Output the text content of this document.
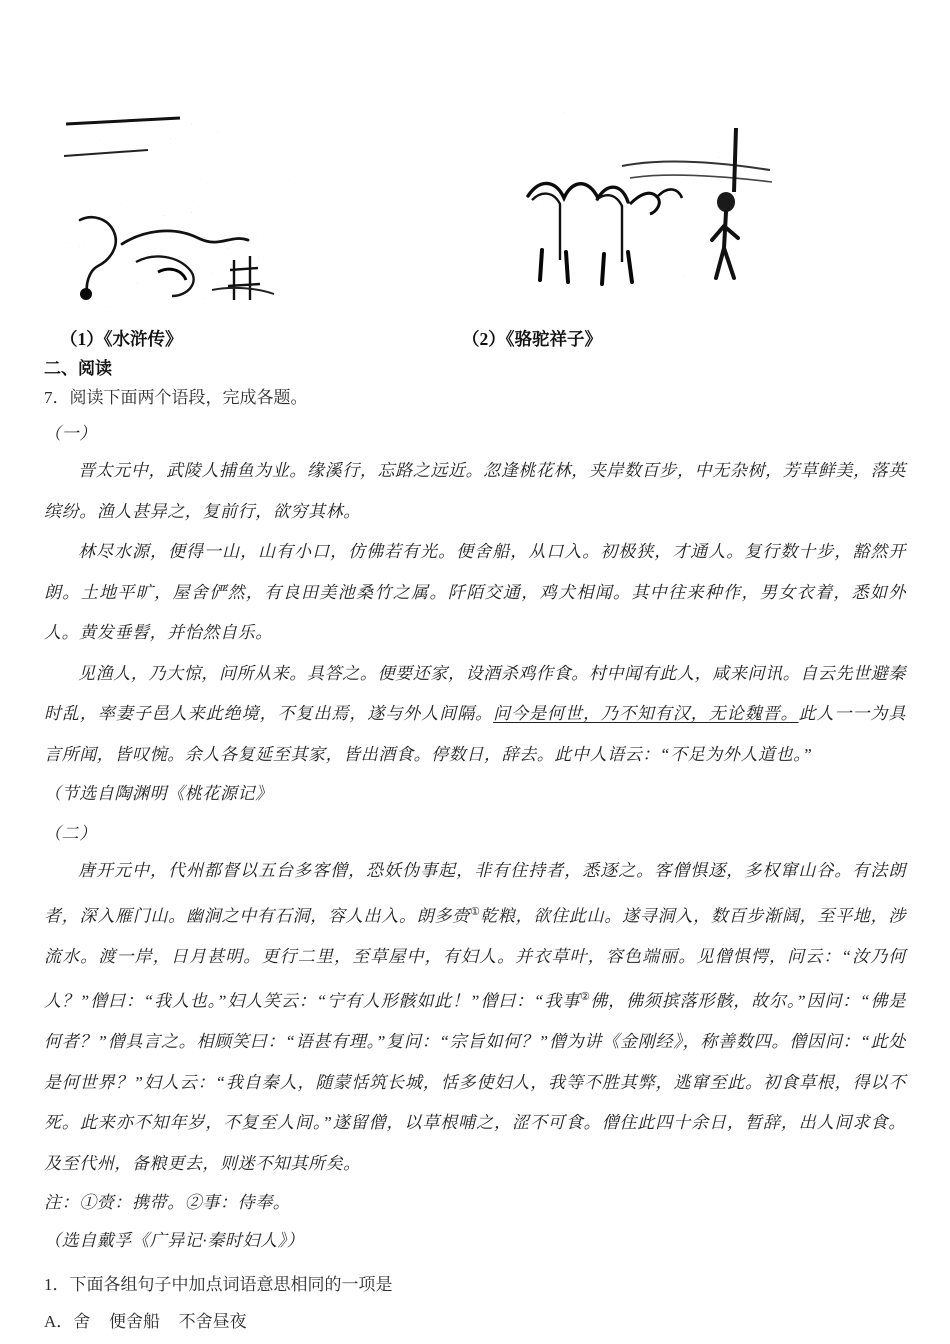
（1）《水浒传》	（2）《骆驼祥子》
二、阅读
7．阅读下面两个语段，完成各题。
（一）
晋太元中，武陵人捕鱼为业。缘溪行，忘路之远近。忽逢桃花林，夹岸数百步，中无杂树，芳草鲜美，落英缤纷。渔人甚异之，复前行，欲穷其林。
林尽水源，便得一山，山有小口，仿佛若有光。便舍船，从口入。初极狭，才通人。复行数十步，豁然开朗。土地平旷，屋舍俨然，有良田美池桑竹之属。阡陌交通，鸡犬相闻。其中往来种作，男女衣着，悉如外人。黄发垂髫，并怡然自乐。
见渔人，乃大惊，问所从来。具答之。便要还家，设酒杀鸡作食。村中闻有此人，咸来问讯。自云先世避秦时乱，率妻子邑人来此绝境，不复出焉，遂与外人间隔。问今是何世，乃不知有汉，无论魏晋。此人一一为具言所闻，皆叹惋。余人各复延至其家，皆出酒食。停数日，辞去。此中人语云：“不足为外人道也。”
（节选自陶渊明《桃花源记》
（二）
唐开元中，代州都督以五台多客僧，恐妖伪事起，非有住持者，悉逐之。客僧惧逐，多权窜山谷。有法朗者，深入雁门山。幽涧之中有石洞，容人出入。朗多赍①乾粮，欲住此山。遂寻洞入，数百步渐阔，至平地，涉流水。渡一岸，日月甚明。更行二里，至草屋中，有妇人。并衣草叶，容色端丽。见僧惧愕，问云：“汝乃何人？”僧曰：“我人也。”妇人笑云：“宁有人形骸如此！”僧曰：“我事②佛，佛须摈落形骸，故尔。”因问：“佛是何者？”僧具言之。相顾笑曰：“语甚有理。”复问：“宗旨如何？”僧为讲《金刚经》，称善数四。僧因问：“此处是何世界？”妇人云：“我自秦人，随蒙恬筑长城，恬多使妇人，我等不胜其弊，逃窜至此。初食草根，得以不死。此来亦不知年岁，不复至人间。”遂留僧，以草根哺之，涩不可食。僧住此四十余日，暂辞，出人间求食。及至代州，备粮更去，则迷不知其所矣。
注：①赍：携带。②事：侍奉。
（选自戴孚《广异记·秦时妇人》）
1．下面各组句子中加点词语意思相同的一项是
A．舍 便舍船 不舍昼夜
